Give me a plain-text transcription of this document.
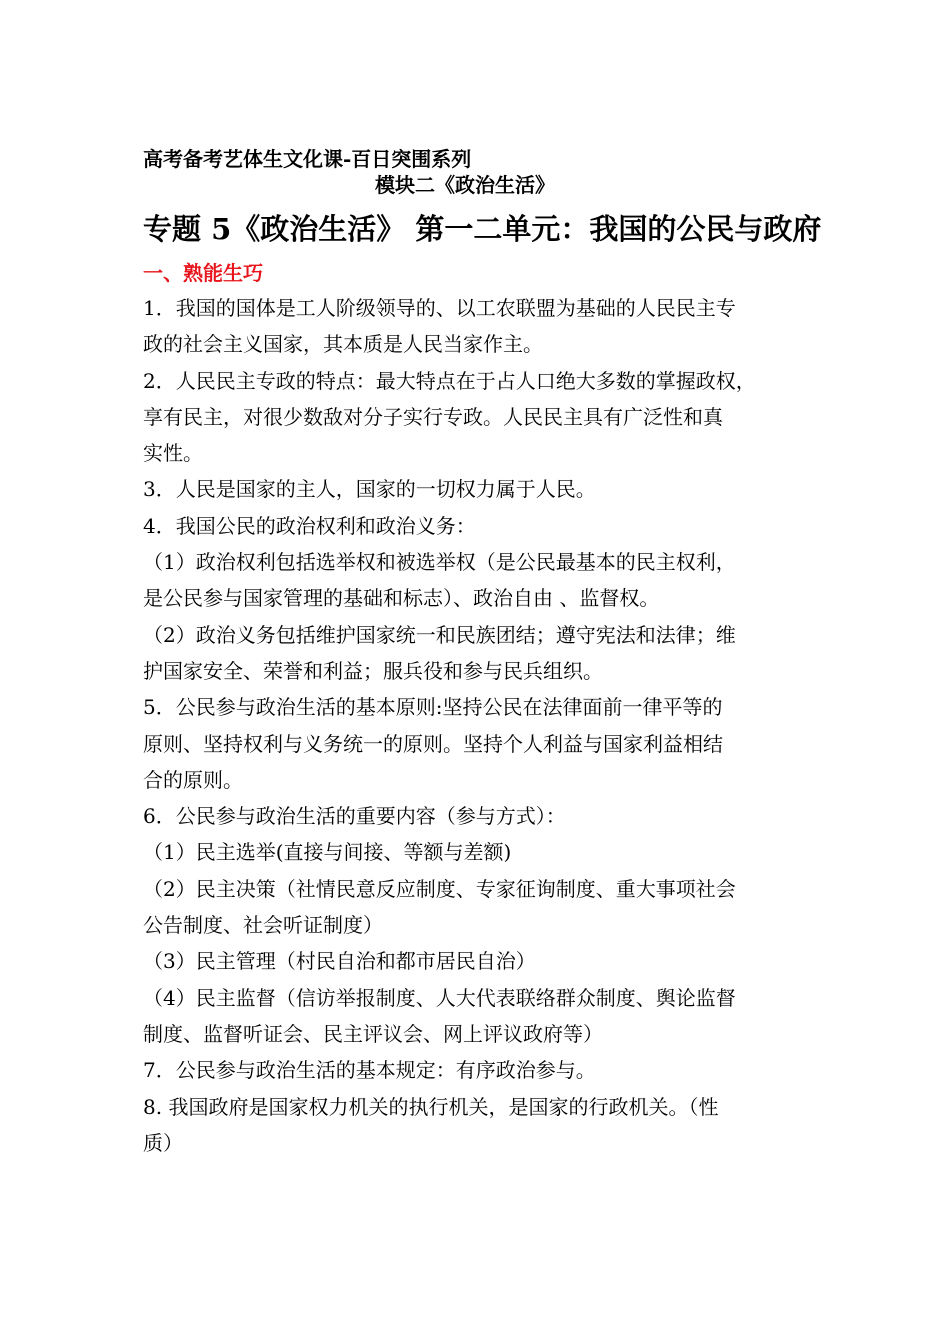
高考备考艺体生文化课-百日突围系列
模块二《政治生活》
专题 5《政治生活》 第一二单元：我国的公民与政府
一、熟能生巧
1．我国的国体是工人阶级领导的、以工农联盟为基础的人民民主专
政的社会主义国家，其本质是人民当家作主。
2．人民民主专政的特点：最大特点在于占人口绝大多数的掌握政权，
享有民主，对很少数敌对分子实行专政。人民民主具有广泛性和真
实性。
3．人民是国家的主人，国家的一切权力属于人民。
4．我国公民的政治权利和政治义务：
（1）政治权利包括选举权和被选举权（是公民最基本的民主权利，
是公民参与国家管理的基础和标志）、政治自由 、监督权。
（2）政治义务包括维护国家统一和民族团结；遵守宪法和法律；维
护国家安全、荣誉和利益；服兵役和参与民兵组织。
5．公民参与政治生活的基本原则:坚持公民在法律面前一律平等的
原则、坚持权利与义务统一的原则。坚持个人利益与国家利益相结
合的原则。
6．公民参与政治生活的重要内容（参与方式）：
（1）民主选举(直接与间接、等额与差额)
（2）民主决策（社情民意反应制度、专家征询制度、重大事项社会
公告制度、社会听证制度）
（3）民主管理（村民自治和都市居民自治）
（4）民主监督（信访举报制度、人大代表联络群众制度、舆论监督
制度、监督听证会、民主评议会、网上评议政府等）
7．公民参与政治生活的基本规定：有序政治参与。
8. 我国政府是国家权力机关的执行机关，是国家的行政机关。（性
质）
